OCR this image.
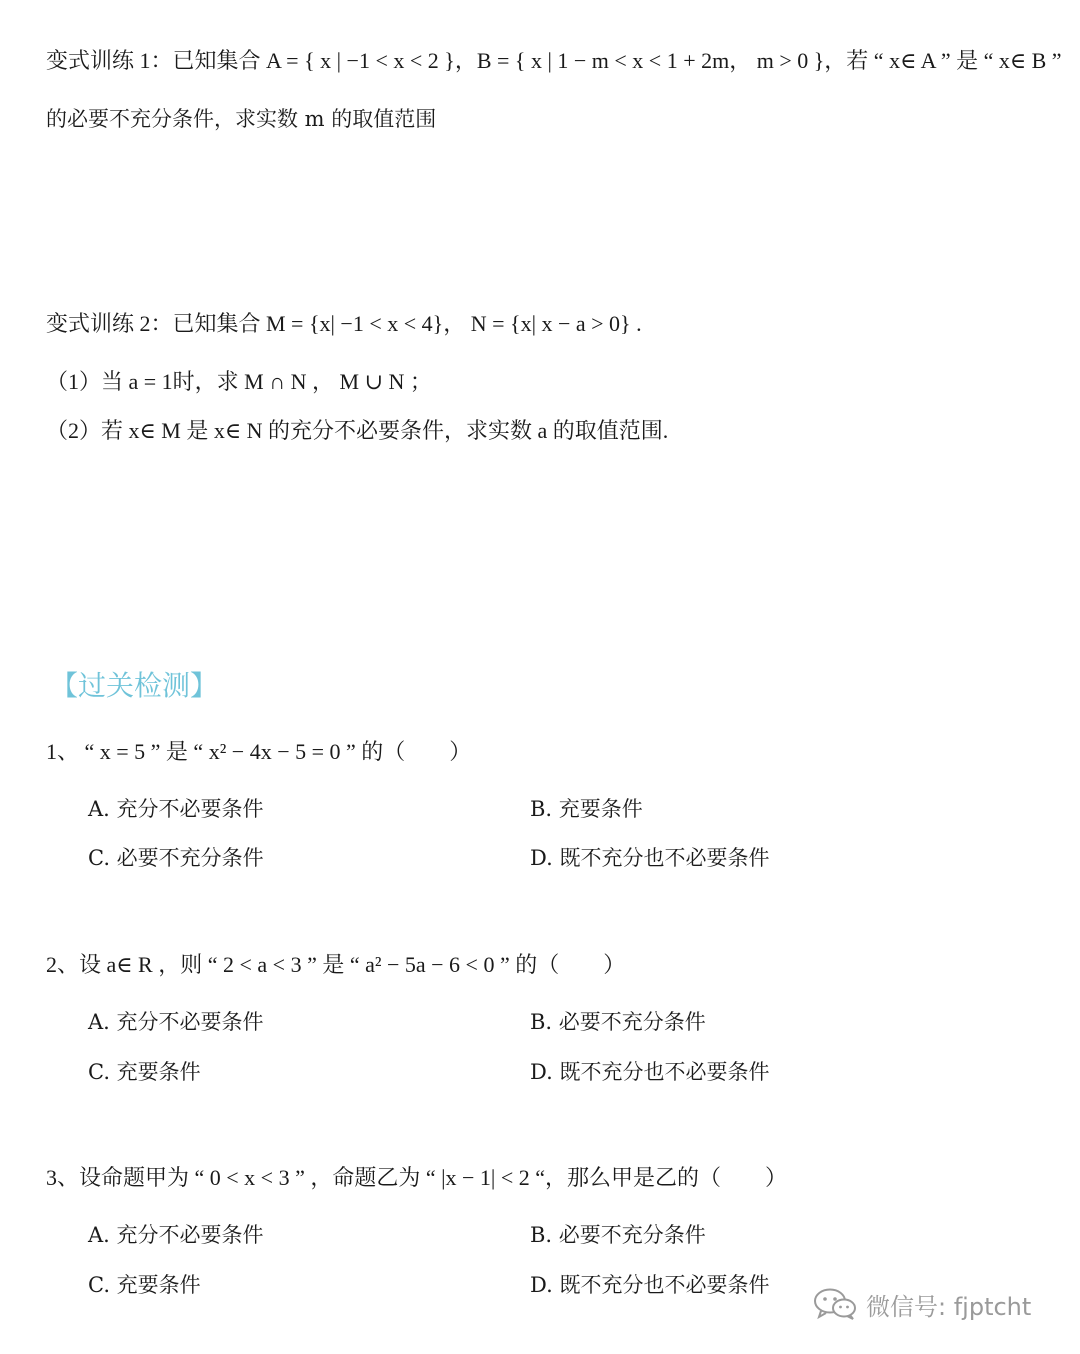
变式训练 1：已知集合 A = { x | −1 < x < 2 }，B = { x | 1 − m < x < 1 + 2m， m > 0 }，若 “ x∈ A ” 是 “ x∈ B ”
的必要不充分条件，求实数 m 的取值范围
变式训练 2：已知集合 M = {x| −1 < x < 4}， N = {x| x − a > 0} .
（1）当 a = 1时，求 M ∩ N ， M ∪ N ；
（2）若 x∈ M 是 x∈ N 的充分不必要条件，求实数 a 的取值范围.
【过关检测】
1、 “ x = 5 ” 是 “ x² − 4x − 5 = 0 ” 的（　　）
A. 充分不必要条件	B. 充要条件
C. 必要不充分条件	D. 既不充分也不必要条件
2、设 a∈ R ，则 “ 2 < a < 3 ” 是 “ a² − 5a − 6 < 0 ” 的（　　）
A. 充分不必要条件	B. 必要不充分条件
C. 充要条件	D. 既不充分也不必要条件
3、设命题甲为 “ 0 < x < 3 ” ，命题乙为 “ |x − 1| < 2 “，那么甲是乙的（　　）
A. 充分不必要条件	B. 必要不充分条件
C. 充要条件	D. 既不充分也不必要条件
微信号: fjptcht
